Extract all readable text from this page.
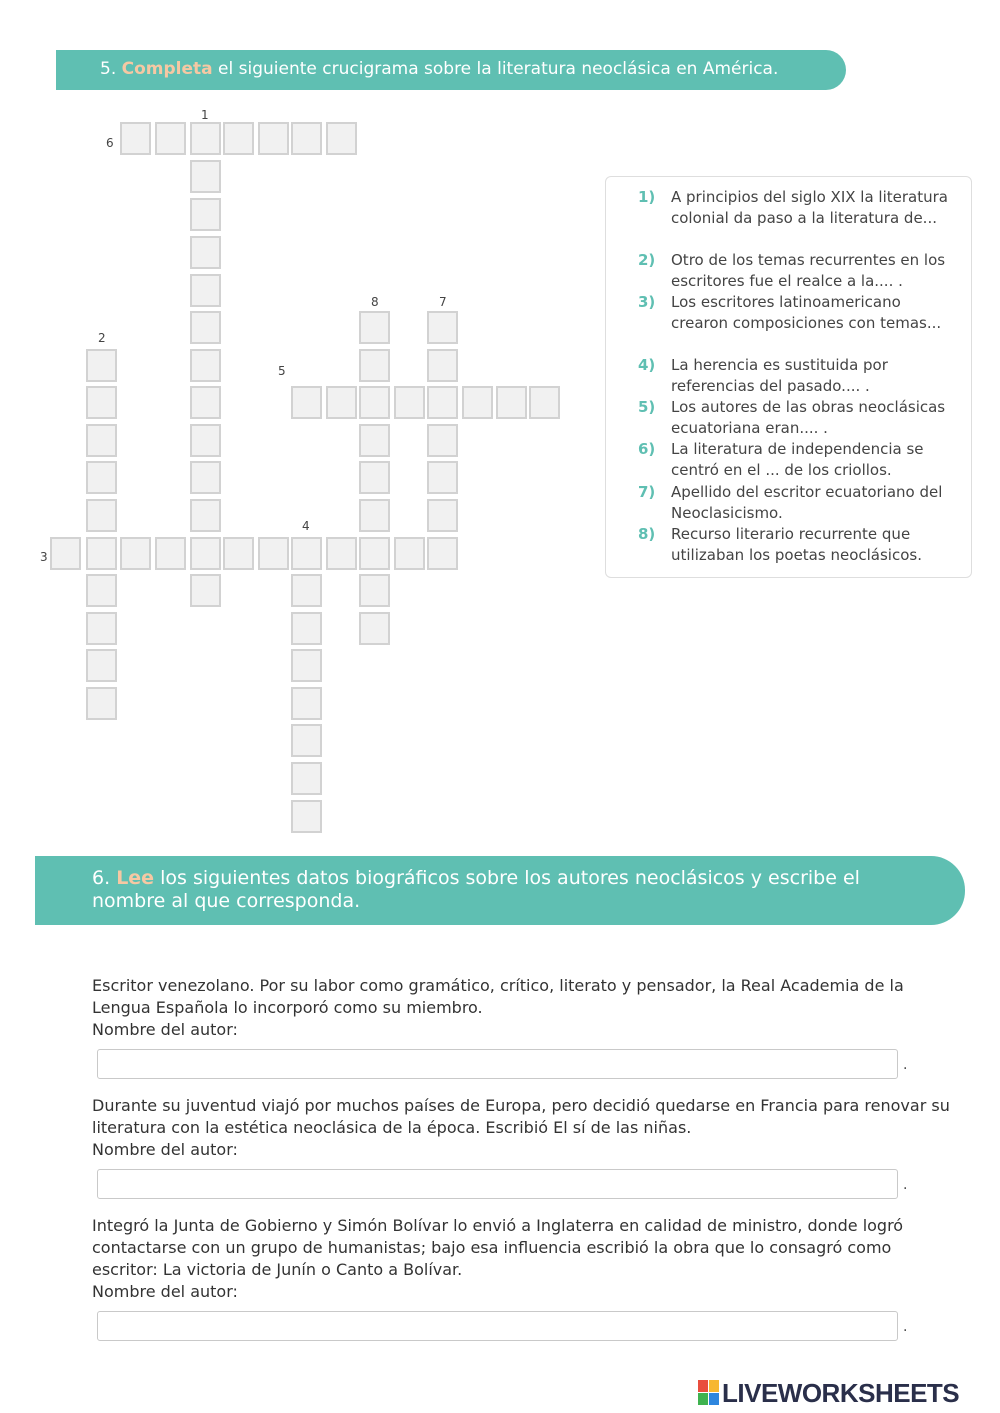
5. Completa el siguiente crucigrama sobre la literatura neoclásica en América.
1
2
3
4
5
6
7
8
1) A principios del siglo XIX la literatura colonial da paso a la literatura de...
2) Otro de los temas recurrentes en los escritores fue el realce a la.... .
3) Los escritores latinoamericano crearon composiciones con temas...
4) La herencia es sustituida por referencias del pasado.... .
5) Los autores de las obras neoclásicas ecuatoriana eran.... .
6) La literatura de independencia se centró en el ... de los criollos.
7) Apellido del escritor ecuatoriano del Neoclasicismo.
8) Recurso literario recurrente que utilizaban los poetas neoclásicos.
6. Lee los siguientes datos biográficos sobre los autores neoclásicos y escribe el nombre al que corresponda.
Escritor venezolano. Por su labor como gramático, crítico, literato y pensador, la Real Academia de la Lengua Española lo incorporó como su miembro.
Nombre del autor:
.
Durante su juventud viajó por muchos países de Europa, pero decidió quedarse en Francia para renovar su literatura con la estética neoclásica de la época. Escribió El sí de las niñas.
Nombre del autor:
.
Integró la Junta de Gobierno y Simón Bolívar lo envió a Inglaterra en calidad de ministro, donde logró contactarse con un grupo de humanistas; bajo esa influencia escribió la obra que lo consagró como escritor: La victoria de Junín o Canto a Bolívar.
Nombre del autor:
.
LIVEWORKSHEETS
